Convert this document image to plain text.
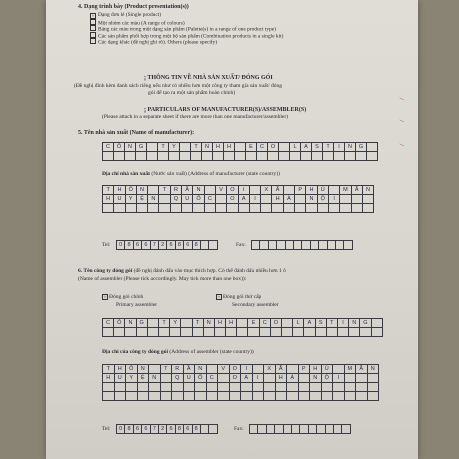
4. Dạng trình bày (Product presentation(s))
× Dạng đơn lẻ (Single product)
Một nhóm các màu (A range of colours)
Bảng các màu trong một dạng sản phẩm (Palette(s) in a range of one product type)
Các sản phẩm phối hợp trong một bộ sản phẩm (Combination products in a single kit)
Các dạng khác (đề nghị ghi rõ). Others (please specify)
¡ THÔNG TIN VỀ NHÀ SẢN XUẤT/ ĐÓNG GÓI
(Đề nghị đính kèm danh sách riêng nếu như có nhiều hơn một công ty tham gia sản xuất/ đóng
gói để tạo ra một sản phẩm hoàn chỉnh)
¡ PARTICULARS OF MANUFACTURER(S)/ASSEMBLER(S)
(Please attach in a separate sheet if there are more than one manufacturer/assembler)
5. Tên nhà sản xuất (Name of manufacturer):
C	Ô	N	G	T	Y	T	N	H	H	E	C	O	L	A	S	T	I	N	G
Địa chỉ nhà sản xuất (Nước sản xuất) (Address of manufacturer (state country))
T	H	Ô	N	T	R	Ầ	N	V	O	I	X	Ã	P	H	Ú	M	Ã	N
H	U	Y	Ệ	N	Q	U	Ố	C	O	A	I	H	À	N	Ộ	I
Tel:	0 8 6 6 7 2 6 8 6 8	Fax:
6. Tên công ty đóng gói (đề nghị đánh dấu vào mục thích hợp. Có thể đánh dấu nhiều hơn 1 ô
(Name of assembler (Please tick accordingly. May tick more than one box)):
× Đóng gói chính
Primary assembler
× Đóng gói thứ cấp
Secondary assembler
C	Ô	N	G	T	Y	T	N	H	H	E	C	O	L	A	S	T	I	N	G
Địa chỉ của công ty đóng gói (Address of assembler (state country))
T	H	Ô	N	T	R	Ầ	N	V	O	I	X	Ã	P	H	Ú	M	Ã	N
H	U	Y	Ệ	N	Q	U	Ố	C	O	A	I	H	À	N	Ộ	I
Tel:	0 8 6 6 7 2 6 8 6 8	Fax:
/
/
/
